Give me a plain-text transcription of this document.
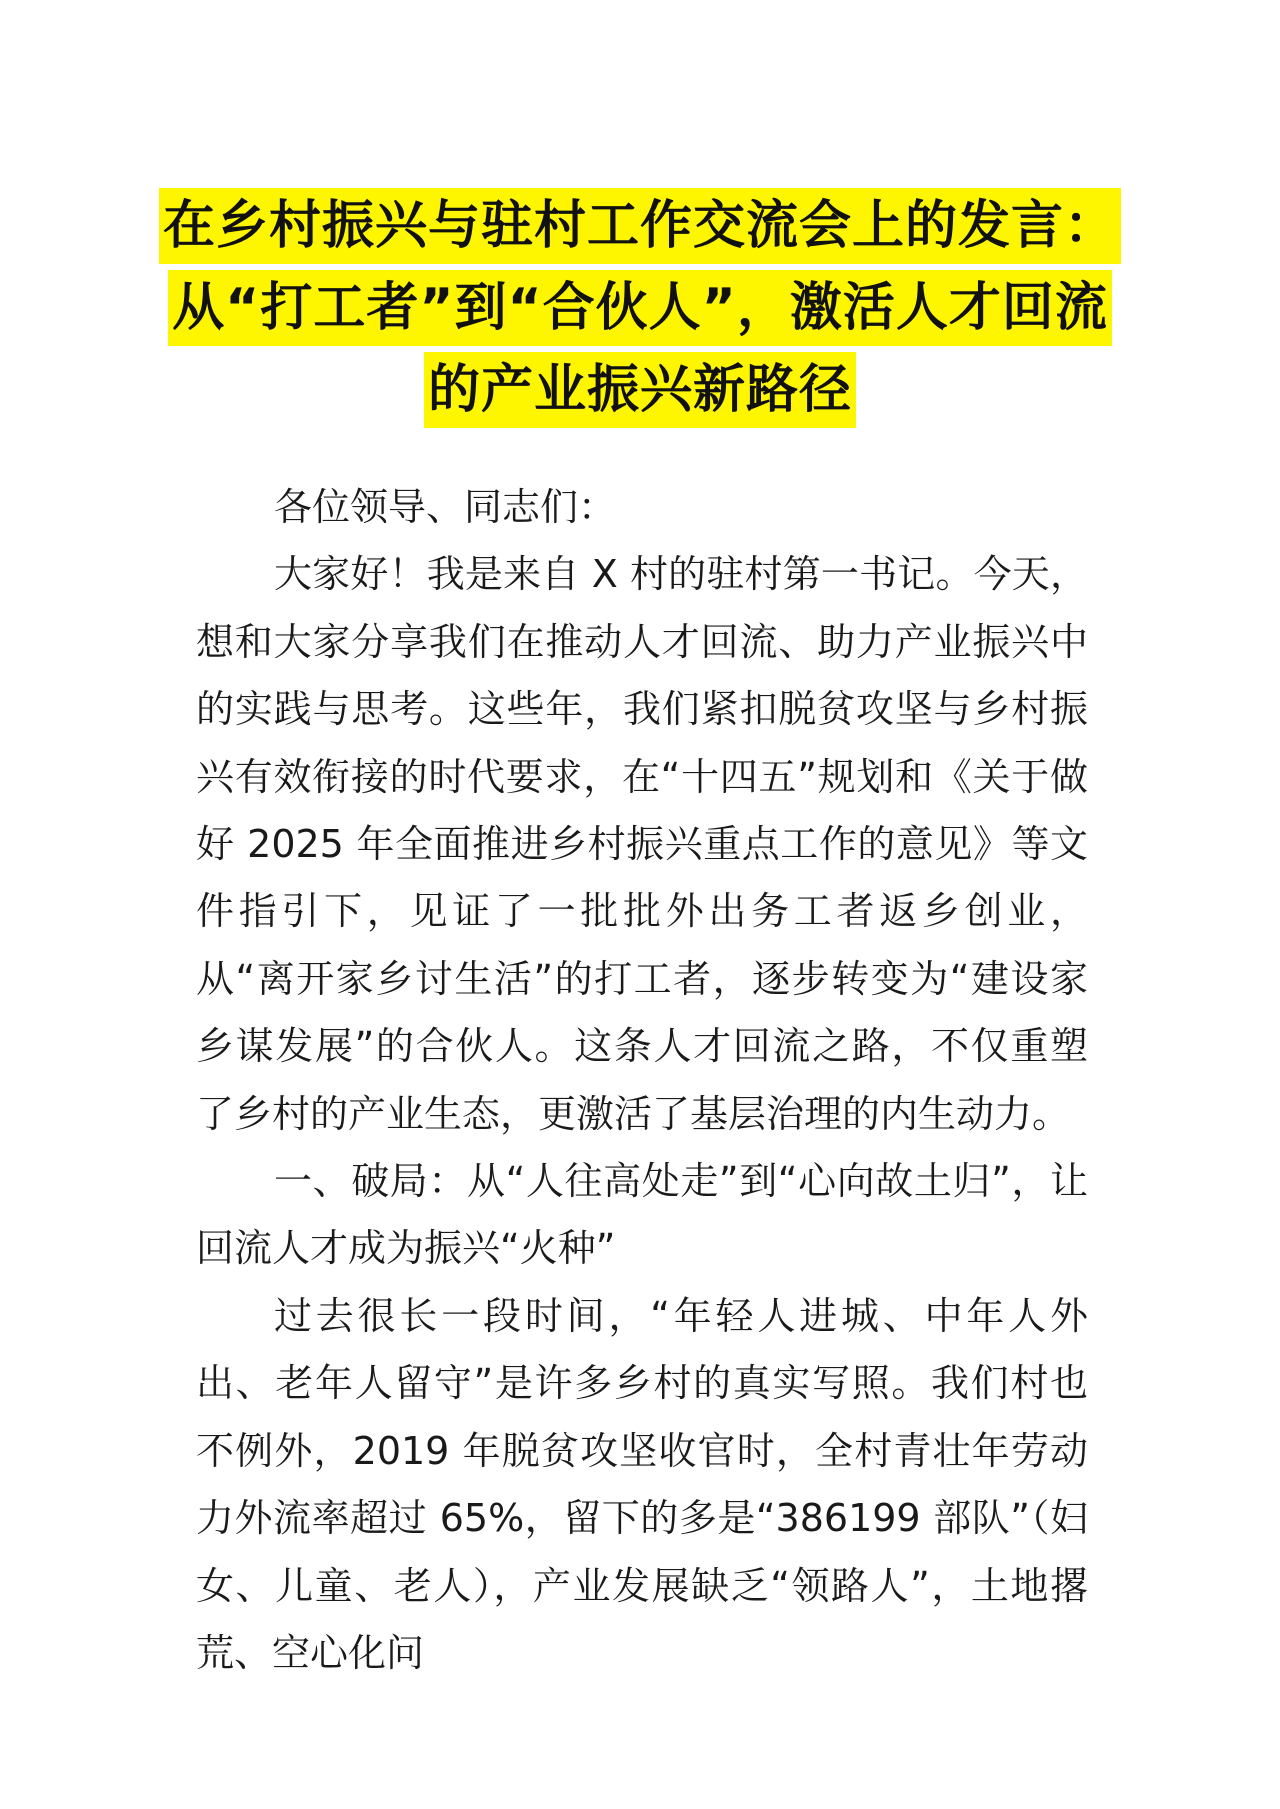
在乡村振兴与驻村工作交流会上的发言：
从“打工者”到“合伙人”，激活人才回流
的产业振兴新路径

各位领导、同志们：

大家好！我是来自 X 村的驻村第一书记。今天，想和大家分享我们在推动人才回流、助力产业振兴中的实践与思考。这些年，我们紧扣脱贫攻坚与乡村振兴有效衔接的时代要求，在“十四五”规划和《关于做好 2025 年全面推进乡村振兴重点工作的意见》等文件指引下，见证了一批批外出务工者返乡创业，从“离开家乡讨生活”的打工者，逐步转变为“建设家乡谋发展”的合伙人。这条人才回流之路，不仅重塑了乡村的产业生态，更激活了基层治理的内生动力。

一、破局：从“人往高处走”到“心向故土归”，让回流人才成为振兴“火种”

过去很长一段时间，“年轻人进城、中年人外出、老年人留守”是许多乡村的真实写照。我们村也不例外，2019 年脱贫攻坚收官时，全村青壮年劳动力外流率超过 65%，留下的多是“386199 部队”（妇女、儿童、老人），产业发展缺乏“领路人”，土地撂荒、空心化问
